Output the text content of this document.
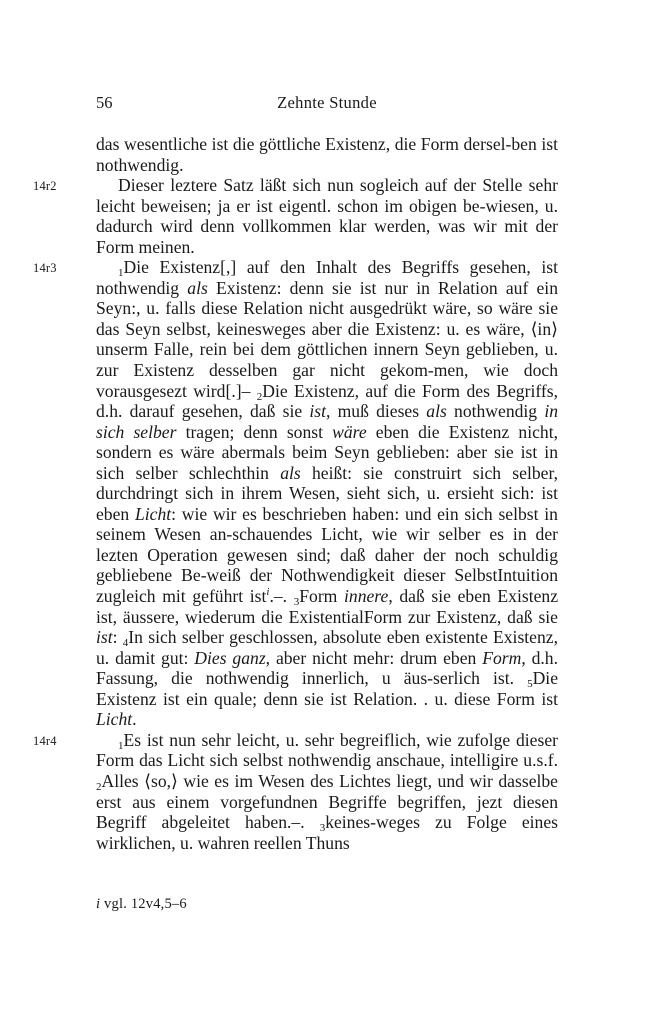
56	Zehnte Stunde

das wesentliche ist die göttliche Existenz, die Form dersel-ben ist nothwendig.

14r2	Dieser leztere Satz läßt sich nun sogleich auf der Stelle sehr leicht beweisen; ja er ist eigentl. schon im obigen be-wiesen, u. dadurch wird denn vollkommen klar werden, was wir mit der Form meinen.

14r3	$_1$Die Existenz[,] auf den Inhalt des Begriffs gesehen, ist nothwendig als Existenz: denn sie ist nur in Relation auf ein Seyn:, u. falls diese Relation nicht ausgedrükt wäre, so wäre sie das Seyn selbst, keinesweges aber die Existenz: u. es wäre, ⟨in⟩ unserm Falle, rein bei dem göttlichen innern Seyn geblieben, u. zur Existenz desselben gar nicht gekom-men, wie doch vorausgesezt wird[.]– $_2$Die Existenz, auf die Form des Begriffs, d.h. darauf gesehen, daß sie ist, muß dieses als nothwendig in sich selber tragen; denn sonst wäre eben die Existenz nicht, sondern es wäre abermals beim Seyn geblieben: aber sie ist in sich selber schlechthin als heißt: sie construirt sich selber, durchdringt sich in ihrem Wesen, sieht sich, u. ersieht sich: ist eben Licht: wie wir es beschrieben haben: und ein sich selbst in seinem Wesen an-schauendes Licht, wie wir selber es in der lezten Operation gewesen sind; daß daher der noch schuldig gebliebene Be-weiß der Nothwendigkeit dieser SelbstIntuition zugleich mit geführt ist$^i$.–. $_3$Form innere, daß sie eben Existenz ist, äussere, wiederum die ExistentialForm zur Existenz, daß sie ist: $_4$In sich selber geschlossen, absolute eben existente Existenz, u. damit gut: Dies ganz, aber nicht mehr: drum eben Form, d.h. Fassung, die nothwendig innerlich, u äus-serlich ist. $_5$Die Existenz ist ein quale; denn sie ist Relation. . u. diese Form ist Licht.

14r4	$_1$Es ist nun sehr leicht, u. sehr begreiflich, wie zufolge dieser Form das Licht sich selbst nothwendig anschaue, intelligire u.s.f. $_2$Alles ⟨so,⟩ wie es im Wesen des Lichtes liegt, und wir dasselbe erst aus einem vorgefundnen Begriffe begriffen, jezt diesen Begriff abgeleitet haben.–. $_3$keines-weges zu Folge eines wirklichen, u. wahren reellen Thuns

i vgl. 12v4,5–6
